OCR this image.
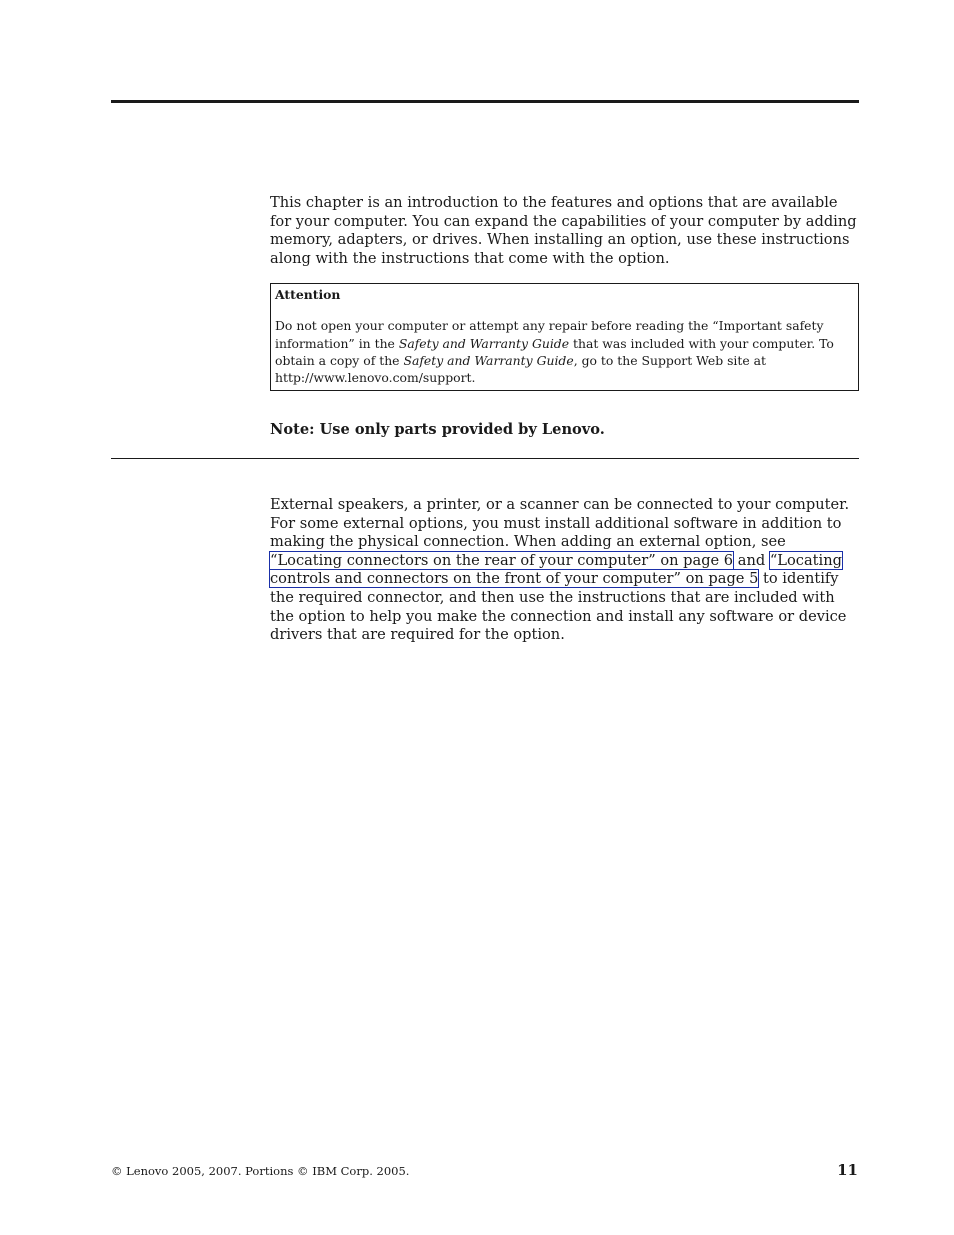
This chapter is an introduction to the features and options that are available for your computer. You can expand the capabilities of your computer by adding memory, adapters, or drives. When installing an option, use these instructions along with the instructions that come with the option.

Attention
Do not open your computer or attempt any repair before reading the “Important safety information” in the Safety and Warranty Guide that was included with your computer. To obtain a copy of the Safety and Warranty Guide, go to the Support Web site at http://www.lenovo.com/support.
Note: Use only parts provided by Lenovo.

External speakers, a printer, or a scanner can be connected to your computer. For some external options, you must install additional software in addition to making the physical connection. When adding an external option, see “Locating connectors on the rear of your computer” on page 6 and “Locating controls and connectors on the front of your computer” on page 5 to identify the required connector, and then use the instructions that are included with the option to help you make the connection and install any software or device drivers that are required for the option.

© Lenovo 2005, 2007. Portions © IBM Corp. 2005.	11
